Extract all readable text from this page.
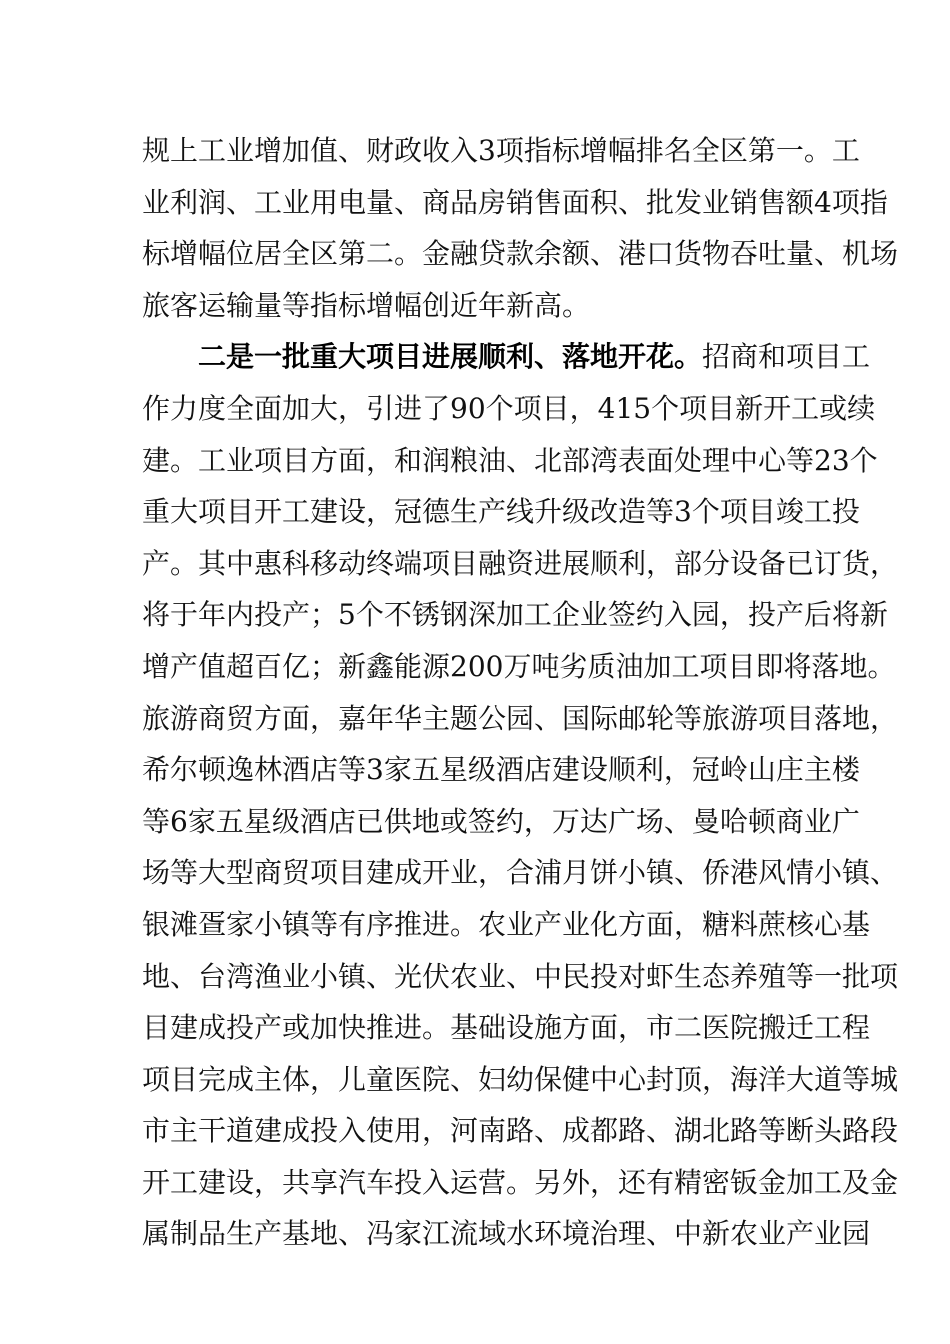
规上工业增加值、财政收入3项指标增幅排名全区第一。工
业利润、工业用电量、商品房销售面积、批发业销售额4项指
标增幅位居全区第二。金融贷款余额、港口货物吞吐量、机场
旅客运输量等指标增幅创近年新高。
二是一批重大项目进展顺利、落地开花。招商和项目工
作力度全面加大，引进了90个项目，415个项目新开工或续
建。工业项目方面，和润粮油、北部湾表面处理中心等23个
重大项目开工建设，冠德生产线升级改造等3个项目竣工投
产。其中惠科移动终端项目融资进展顺利，部分设备已订货，
将于年内投产；5个不锈钢深加工企业签约入园，投产后将新
增产值超百亿；新鑫能源200万吨劣质油加工项目即将落地。
旅游商贸方面，嘉年华主题公园、国际邮轮等旅游项目落地，
希尔顿逸林酒店等3家五星级酒店建设顺利，冠岭山庄主楼
等6家五星级酒店已供地或签约，万达广场、曼哈顿商业广
场等大型商贸项目建成开业，合浦月饼小镇、侨港风情小镇、
银滩疍家小镇等有序推进。农业产业化方面，糖料蔗核心基
地、台湾渔业小镇、光伏农业、中民投对虾生态养殖等一批项
目建成投产或加快推进。基础设施方面，市二医院搬迁工程
项目完成主体，儿童医院、妇幼保健中心封顶，海洋大道等城
市主干道建成投入使用，河南路、成都路、湖北路等断头路段
开工建设，共享汽车投入运营。另外，还有精密钣金加工及金
属制品生产基地、冯家江流域水环境治理、中新农业产业园
